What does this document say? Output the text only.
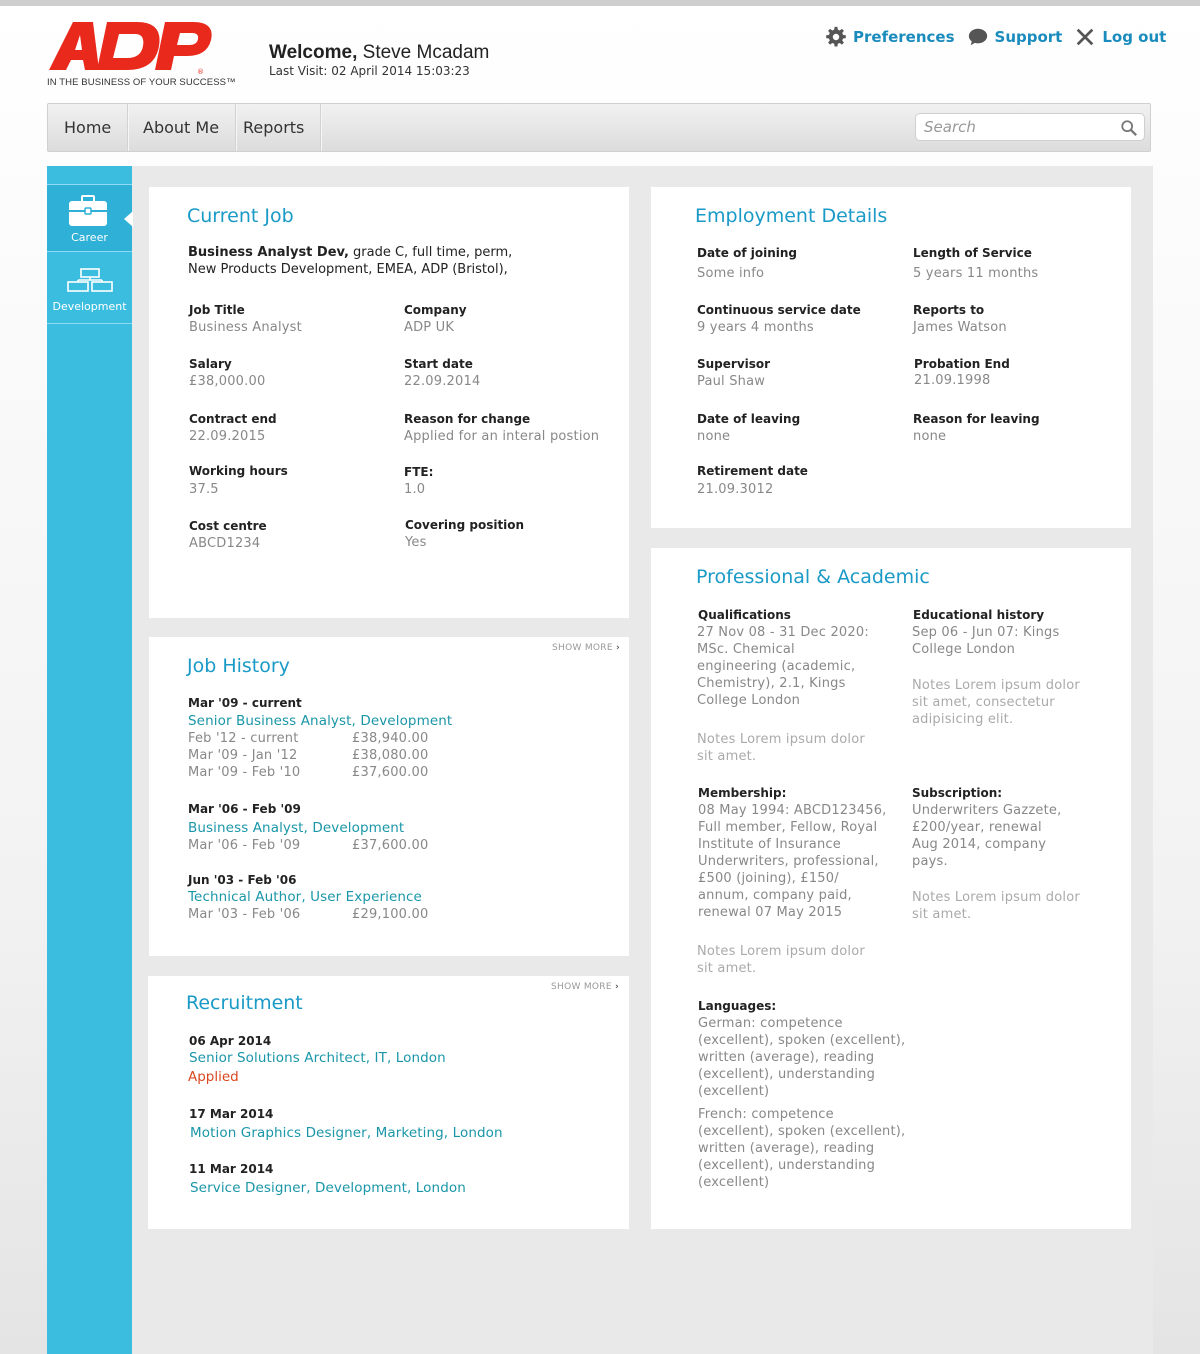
®
IN THE BUSINESS OF YOUR SUCCESS™
Welcome, Steve Mcadam
Last Visit: 02 April 2014 15:03:23
Preferences	Support	Log out
Home	About Me	Reports
Search
Career
Development
Current Job
Business Analyst Dev, grade C, full time, perm,
New Products Development, EMEA, ADP (Bristol),
Job Title
Business Analyst
Company
ADP UK
Salary
£38,000.00
Start date
22.09.2014
Contract end
22.09.2015
Reason for change
Applied for an interal postion
Working hours
37.5
FTE:
1.0
Cost centre
ABCD1234
Covering position
Yes
SHOW MORE ›
Job History
Mar '09 - current
Senior Business Analyst, Development
Feb '12 - current	£38,940.00
Mar '09 - Jan '12	£38,080.00
Mar '09 - Feb '10	£37,600.00
Mar '06 - Feb '09
Business Analyst, Development
Mar '06 - Feb '09	£37,600.00
Jun '03 - Feb '06
Technical Author, User Experience
Mar '03 - Feb '06	£29,100.00
SHOW MORE ›
Recruitment
06 Apr 2014
Senior Solutions Architect, IT, London
Applied
17 Mar 2014
Motion Graphics Designer, Marketing, London
11 Mar 2014
Service Designer, Development, London
Employment Details
Date of joining
Some info
Length of Service
5 years 11 months
Continuous service date
9 years 4 months
Reports to
James Watson
Supervisor
Paul Shaw
Probation End
21.09.1998
Date of leaving
none
Reason for leaving
none
Retirement date
21.09.3012
Professional & Academic
Qualifications
27 Nov 08 - 31 Dec 2020:
MSc. Chemical
engineering (academic,
Chemistry), 2.1, Kings
College London
Notes Lorem ipsum dolor
sit amet.
Educational history
Sep 06 - Jun 07: Kings
College London
Notes Lorem ipsum dolor
sit amet, consectetur
adipisicing elit.
Membership:
08 May 1994: ABCD123456,
Full member, Fellow, Royal
Institute of Insurance
Underwriters, professional,
£500 (joining), £150/
annum, company paid,
renewal 07 May 2015
Notes Lorem ipsum dolor
sit amet.
Subscription:
Underwriters Gazzete,
£200/year, renewal
Aug 2014, company
pays.
Notes Lorem ipsum dolor
sit amet.
Languages:
German: competence
(excellent), spoken (excellent),
written (average), reading
(excellent), understanding
(excellent)
French: competence
(excellent), spoken (excellent),
written (average), reading
(excellent), understanding
(excellent)
